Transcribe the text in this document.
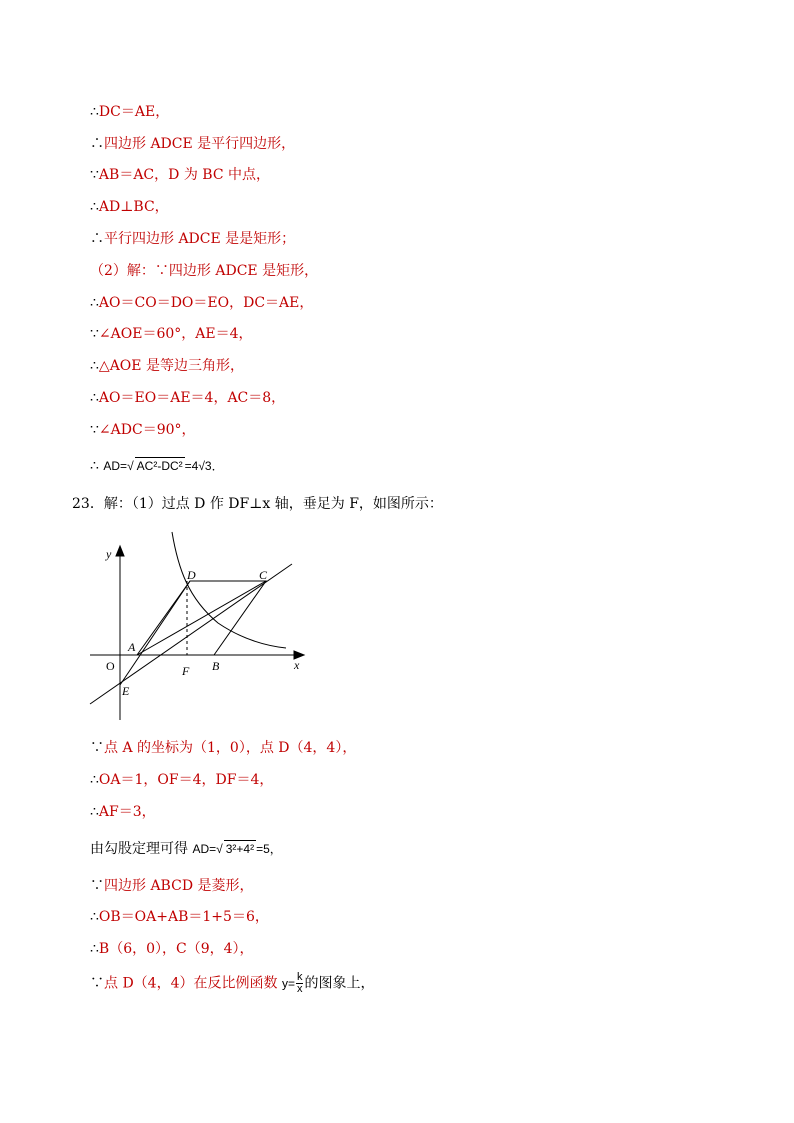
∴DC＝AE，
∴四边形 ADCE 是平行四边形，
∵AB＝AC，D 为 BC 中点，
∴AD⊥BC，
∴平行四边形 ADCE 是是矩形；
（2）解：∵四边形 ADCE 是矩形，
∴AO＝CO＝DO＝EO，DC＝AE，
∵∠AOE＝60°，AE＝4，
∴△AOE 是等边三角形，
∴AO＝EO＝AE＝4，AC＝8，
∵∠ADC＝90°，
∴ AD=√ AC²-DC² =4√3．
23．解：（1）过点 D 作 DF⊥x 轴，垂足为 F，如图所示：
y
x
O
A
B
C
D
E
F
∵点 A 的坐标为（1，0），点 D（4，4），
∴OA＝1，OF＝4，DF＝4，
∴AF＝3，
由勾股定理可得 AD=√ 3²+4² =5，
∵四边形 ABCD 是菱形，
∴OB＝OA+AB＝1+5＝6，
∴B（6，0），C（9，4），
∵点 D（4，4）在反比例函数 $y= \frac{k}{x}$ 的图象上，
